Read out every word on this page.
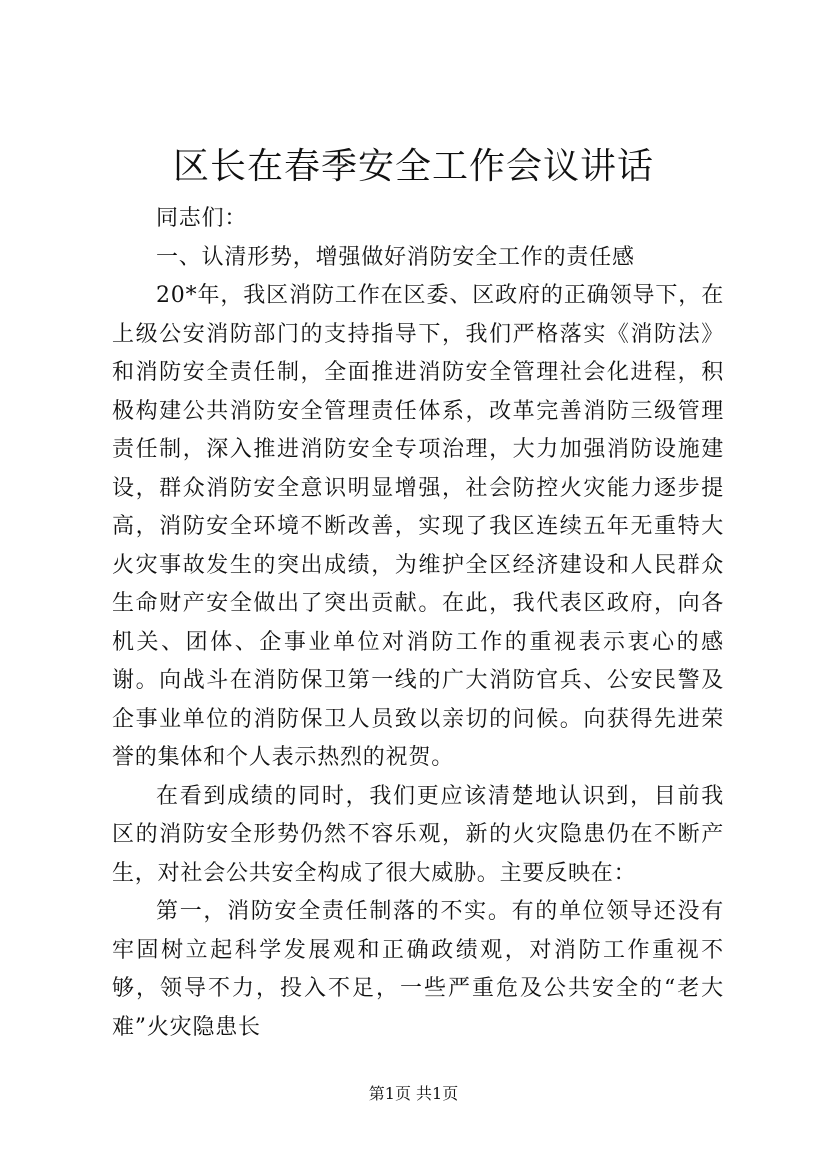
区长在春季安全工作会议讲话

同志们：

一、认清形势，增强做好消防安全工作的责任感

20*年，我区消防工作在区委、区政府的正确领导下，在上级公安消防部门的支持指导下，我们严格落实《消防法》和消防安全责任制，全面推进消防安全管理社会化进程，积极构建公共消防安全管理责任体系，改革完善消防三级管理责任制，深入推进消防安全专项治理，大力加强消防设施建设，群众消防安全意识明显增强，社会防控火灾能力逐步提高，消防安全环境不断改善，实现了我区连续五年无重特大火灾事故发生的突出成绩，为维护全区经济建设和人民群众生命财产安全做出了突出贡献。在此，我代表区政府，向各机关、团体、企事业单位对消防工作的重视表示衷心的感谢。向战斗在消防保卫第一线的广大消防官兵、公安民警及企事业单位的消防保卫人员致以亲切的问候。向获得先进荣誉的集体和个人表示热烈的祝贺。

在看到成绩的同时，我们更应该清楚地认识到，目前我区的消防安全形势仍然不容乐观，新的火灾隐患仍在不断产生，对社会公共安全构成了很大威胁。主要反映在：

第一，消防安全责任制落的不实。有的单位领导还没有牢固树立起科学发展观和正确政绩观，对消防工作重视不够，领导不力，投入不足，一些严重危及公共安全的“老大难”火灾隐患长

第1页 共1页
